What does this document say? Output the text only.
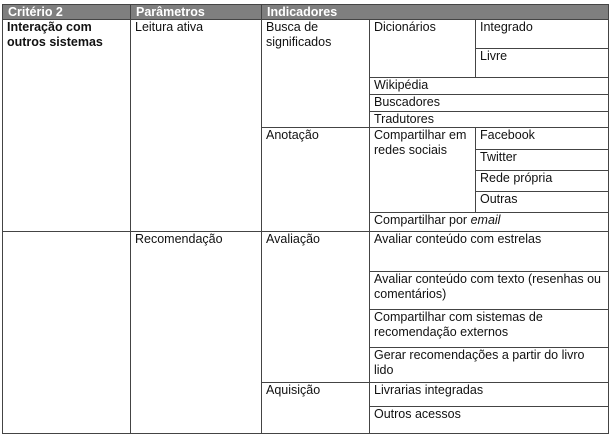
Critério 2	Parâmetros	Indicadores		
Interação com outros sistemas	Leitura ativa	Busca de significados	Dicionários	Integrado
				Livre
			Wikipédia	
			Buscadores	
			Tradutores	
		Anotação	Compartilhar em redes sociais	Facebook
				Twitter
				Rede própria
				Outras
			Compartilhar por email	
	Recomendação	Avaliação	Avaliar conteúdo com estrelas	
			Avaliar conteúdo com texto (resenhas ou comentários)	
			Compartilhar com sistemas de recomendação externos	
			Gerar recomendações a partir do livro lido	
		Aquisição	Livrarias integradas	
			Outros acessos	
